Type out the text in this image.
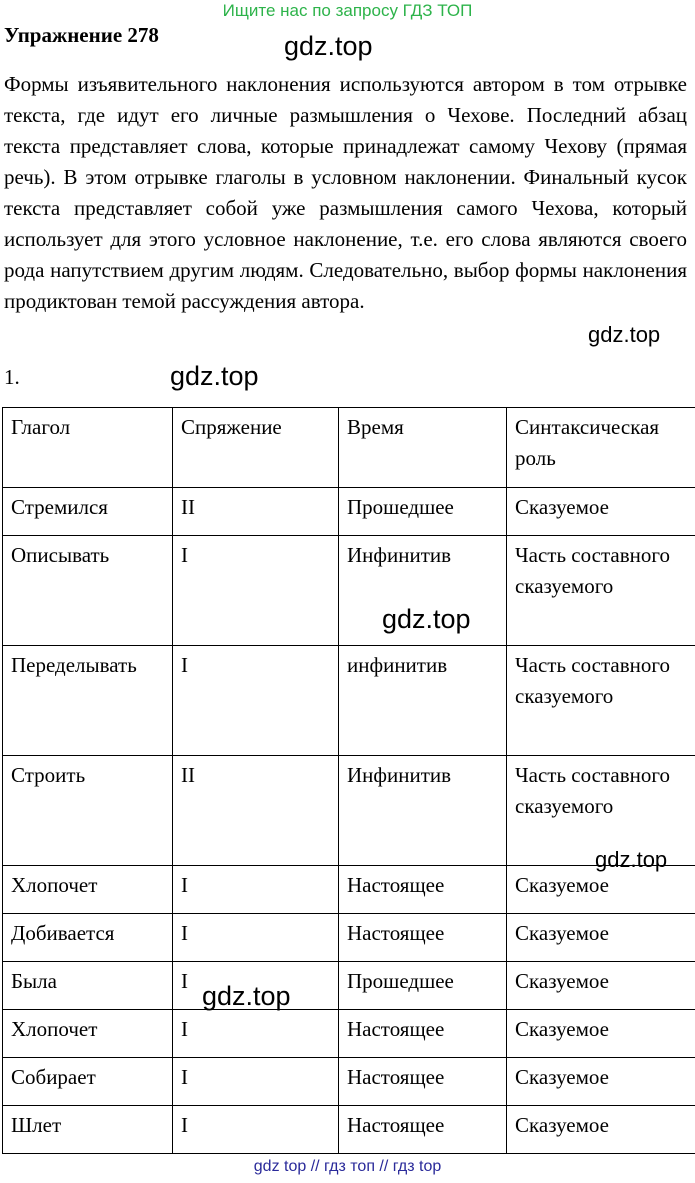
Ищите нас по запросу ГДЗ ТОП
Упражнение 278

Формы изъявительного наклонения используются автором в том отрывке текста, где идут его личные размышления о Чехове. Последний абзац текста представляет слова, которые принадлежат самому Чехову (прямая речь). В этом отрывке глаголы в условном наклонении. Финальный кусок текста представляет собой уже размышления самого Чехова, который использует для этого условное наклонение, т.е. его слова являются своего рода напутствием другим людям. Следовательно, выбор формы наклонения продиктован темой рассуждения автора.

1.
Глагол	Спряжение	Время	Синтаксическая роль
Стремился	II	Прошедшее	Сказуемое
Описывать	I	Инфинитив	Часть составного сказуемого
Переделывать	I	инфинитив	Часть составного сказуемого
Строить	II	Инфинитив	Часть составного сказуемого
Хлопочет	I	Настоящее	Сказуемое
Добивается	I	Настоящее	Сказуемое
Была	I	Прошедшее	Сказуемое
Хлопочет	I	Настоящее	Сказуемое
Собирает	I	Настоящее	Сказуемое
Шлет	I	Настоящее	Сказуемое
gdz.top
gdz.top
gdz.top
gdz.top
gdz.top
gdz.top
gdz top // гдз топ // гдз top
